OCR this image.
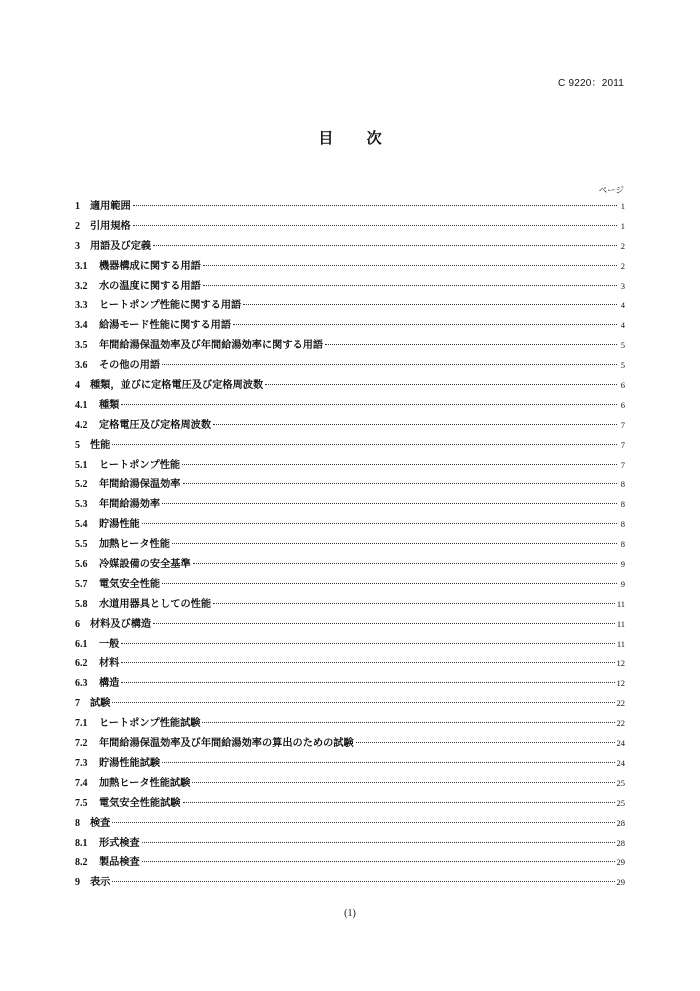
C 9220：2011
目 次
ページ
1 適用範囲	1
2 引用規格	1
3 用語及び定義	2
3.1	機器構成に関する用語	2
3.2	水の温度に関する用語	3
3.3	ヒートポンプ性能に関する用語	4
3.4	給湯モード性能に関する用語	4
3.5	年間給湯保温効率及び年間給湯効率に関する用語	5
3.6	その他の用語	5
4 種類，並びに定格電圧及び定格周波数	6
4.1	種類	6
4.2	定格電圧及び定格周波数	7
5 性能	7
5.1	ヒートポンプ性能	7
5.2	年間給湯保温効率	8
5.3	年間給湯効率	8
5.4	貯湯性能	8
5.5	加熱ヒータ性能	8
5.6	冷媒設備の安全基準	9
5.7	電気安全性能	9
5.8	水道用器具としての性能	11
6 材料及び構造	11
6.1	一般	11
6.2	材料	12
6.3	構造	12
7 試験	22
7.1	ヒートポンプ性能試験	22
7.2	年間給湯保温効率及び年間給湯効率の算出のための試験	24
7.3	貯湯性能試験	24
7.4	加熱ヒータ性能試験	25
7.5	電気安全性能試験	25
8 検査	28
8.1	形式検査	28
8.2	製品検査	29
9 表示	29
(1)
